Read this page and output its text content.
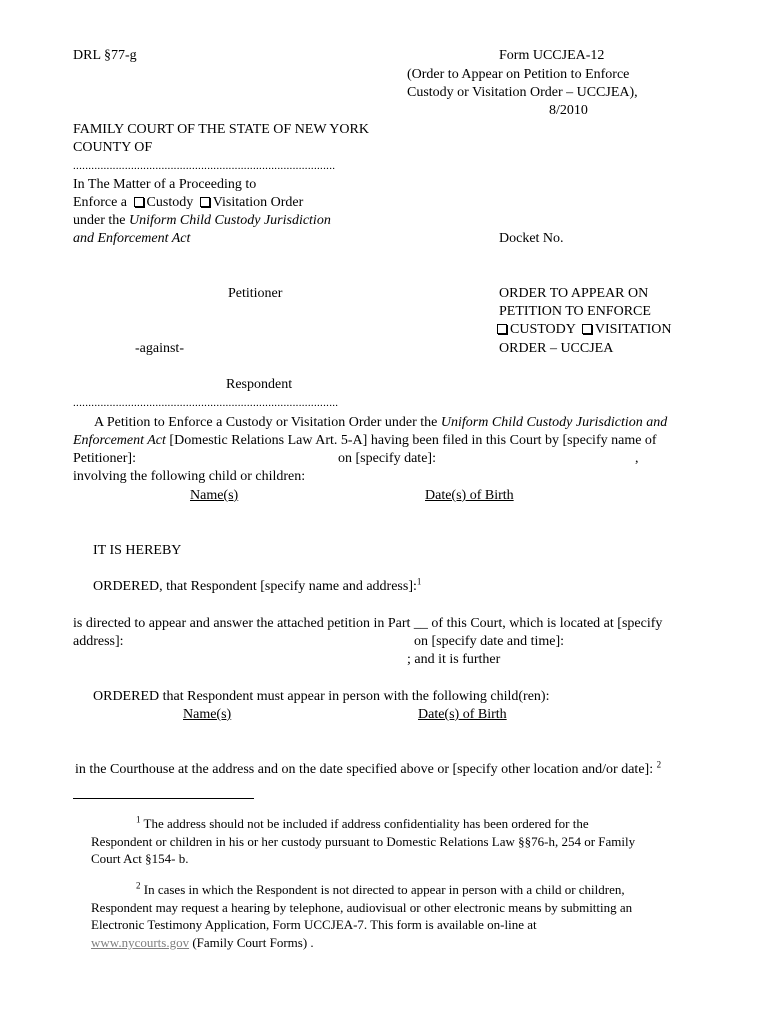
DRL §77-g	Form UCCJEA-12
(Order to Appear on Petition to Enforce
Custody or Visitation Order – UCCJEA),
8/2010
FAMILY COURT OF THE STATE OF NEW YORK
COUNTY OF
......................................................................................
In The Matter of a Proceeding to
Enforce a Custody Visitation Order
under the Uniform Child Custody Jurisdiction
and Enforcement Act	Docket No.
Petitioner
-against-
Respondent
.......................................................................................
ORDER TO APPEAR ON
PETITION TO ENFORCE
CUSTODY VISITATION
ORDER – UCCJEA
A Petition to Enforce a Custody or Visitation Order under the Uniform Child Custody Jurisdiction and
Enforcement Act [Domestic Relations Law Art. 5-A] having been filed in this Court by [specify name of
Petitioner]:	on [specify date]:	,
involving the following child or children:
Name(s)	Date(s) of Birth
IT IS HEREBY
ORDERED, that Respondent [specify name and address]:$^1$
is directed to appear and answer the attached petition in Part __ of this Court, which is located at [specify
address]:	on [specify date and time]:
; and it is further
ORDERED that Respondent must appear in person with the following child(ren):
Name(s)	Date(s) of Birth
in the Courthouse at the address and on the date specified above or [specify other location and/or date]: $^2$
$^1$ The address should not be included if address confidentiality has been ordered for the
Respondent or children in his or her custody pursuant to Domestic Relations Law §§76-h, 254 or Family
Court Act §154- b.
$^2$ In cases in which the Respondent is not directed to appear in person with a child or children,
Respondent may request a hearing by telephone, audiovisual or other electronic means by submitting an
Electronic Testimony Application, Form UCCJEA-7. This form is available on-line at
www.nycourts.gov (Family Court Forms) .
